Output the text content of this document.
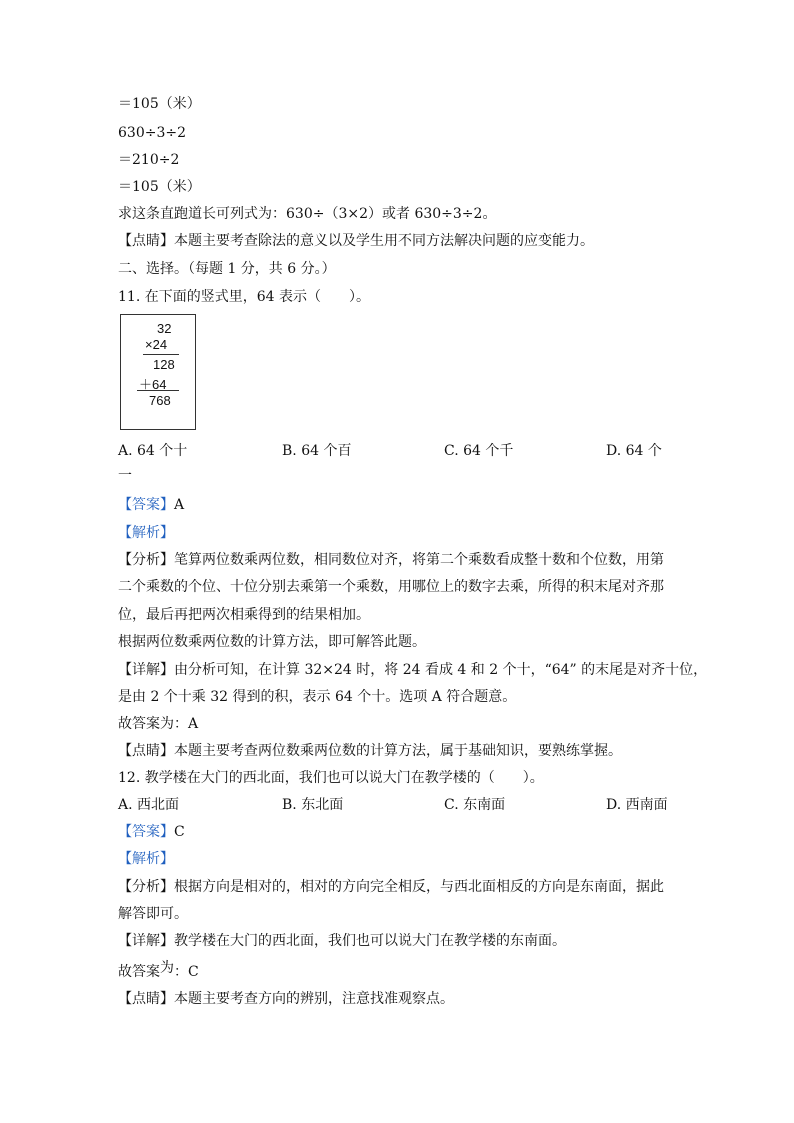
＝105（米）
630÷3÷2
＝210÷2
＝105（米）
求这条直跑道长可列式为：630÷（3×2）或者 630÷3÷2。
【点睛】本题主要考查除法的意义以及学生用不同方法解决问题的应变能力。
二、选择。（每题 1 分，共 6 分。）
11. 在下面的竖式里，64 表示（　　）。
32
×24
128
＋64
768
A. 64 个十	B. 64 个百	C. 64 个千	D. 64 个
一
【答案】A
【解析】
【分析】笔算两位数乘两位数，相同数位对齐，将第二个乘数看成整十数和个位数，用第
二个乘数的个位、十位分别去乘第一个乘数，用哪位上的数字去乘，所得的积末尾对齐那
位，最后再把两次相乘得到的结果相加。
根据两位数乘两位数的计算方法，即可解答此题。
【详解】由分析可知，在计算 32×24 时，将 24 看成 4 和 2 个十，“64” 的末尾是对齐十位，
是由 2 个十乘 32 得到的积，表示 64 个十。选项 A 符合题意。
故答案为：A
【点睛】本题主要考查两位数乘两位数的计算方法，属于基础知识，要熟练掌握。
12. 教学楼在大门的西北面，我们也可以说大门在教学楼的（　　）。
A. 西北面	B. 东北面	C. 东南面	D. 西南面
【答案】C
【解析】
【分析】根据方向是相对的，相对的方向完全相反，与西北面相反的方向是东南面，据此
解答即可。
【详解】教学楼在大门的西北面，我们也可以说大门在教学楼的东南面。
故答案为：C
【点睛】本题主要考查方向的辨别，注意找准观察点。
